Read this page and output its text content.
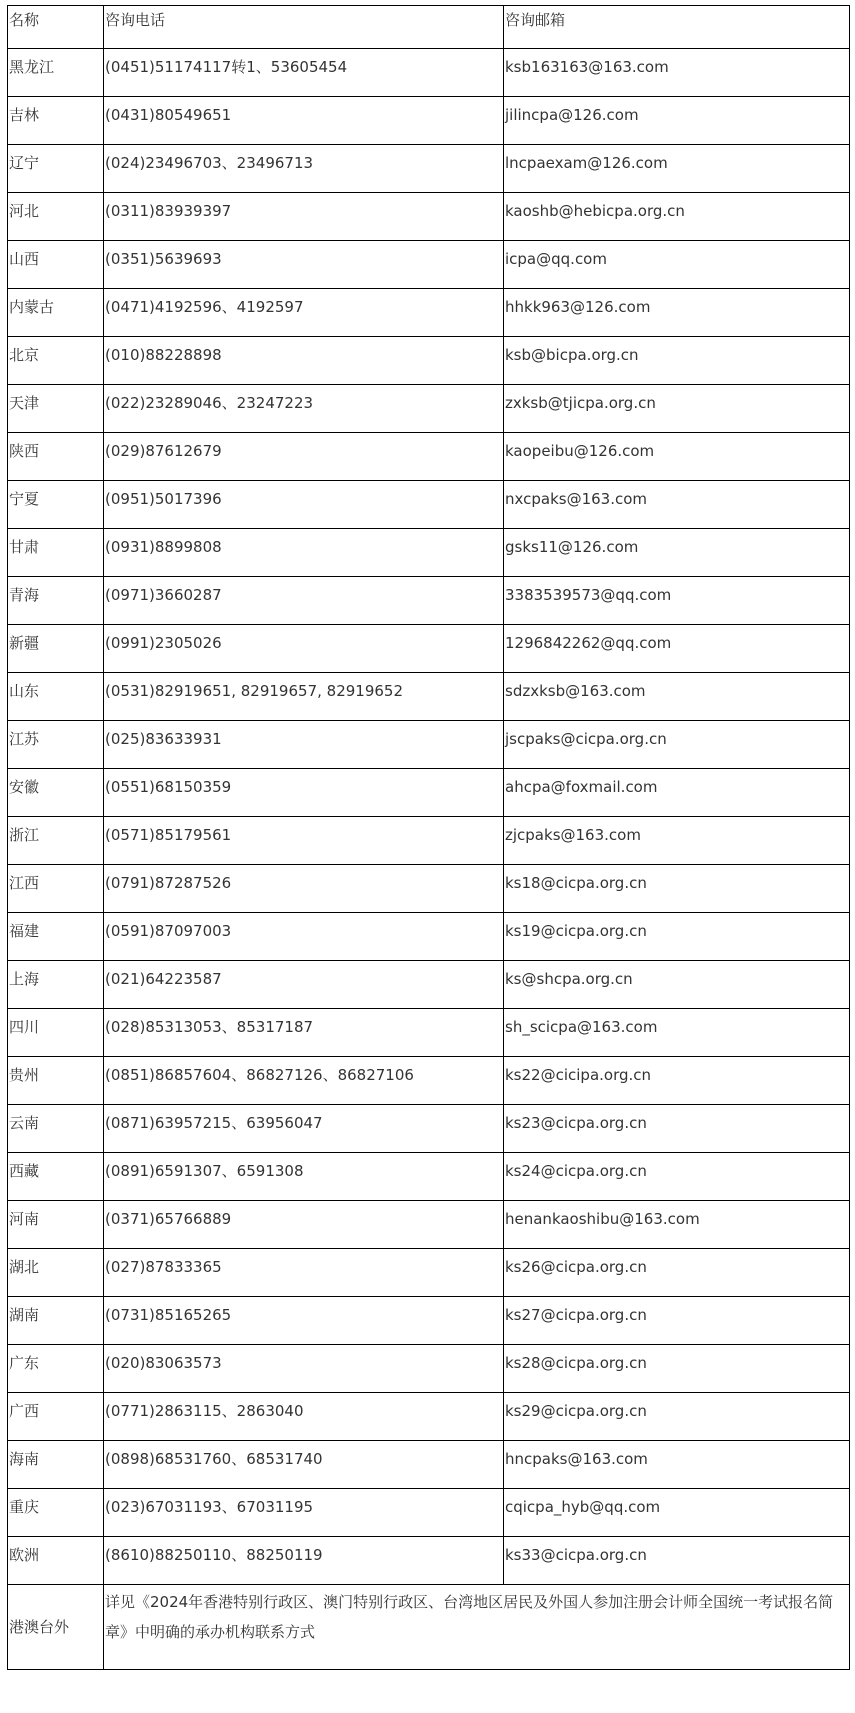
名称	咨询电话	咨询邮箱
黑龙江	(0451)51174117转1、53605454	ksb163163@163.com
吉林	(0431)80549651	jilincpa@126.com
辽宁	(024)23496703、23496713	lncpaexam@126.com
河北	(0311)83939397	kaoshb@hebicpa.org.cn
山西	(0351)5639693	icpa@qq.com
内蒙古	(0471)4192596、4192597	hhkk963@126.com
北京	(010)88228898	ksb@bicpa.org.cn
天津	(022)23289046、23247223	zxksb@tjicpa.org.cn
陕西	(029)87612679	kaopeibu@126.com
宁夏	(0951)5017396	nxcpaks@163.com
甘肃	(0931)8899808	gsks11@126.com
青海	(0971)3660287	3383539573@qq.com
新疆	(0991)2305026	1296842262@qq.com
山东	(0531)82919651, 82919657, 82919652	sdzxksb@163.com
江苏	(025)83633931	jscpaks@cicpa.org.cn
安徽	(0551)68150359	ahcpa@foxmail.com
浙江	(0571)85179561	zjcpaks@163.com
江西	(0791)87287526	ks18@cicpa.org.cn
福建	(0591)87097003	ks19@cicpa.org.cn
上海	(021)64223587	ks@shcpa.org.cn
四川	(028)85313053、85317187	sh_scicpa@163.com
贵州	(0851)86857604、86827126、86827106	ks22@cicipa.org.cn
云南	(0871)63957215、63956047	ks23@cicpa.org.cn
西藏	(0891)6591307、6591308	ks24@cicpa.org.cn
河南	(0371)65766889	henankaoshibu@163.com
湖北	(027)87833365	ks26@cicpa.org.cn
湖南	(0731)85165265	ks27@cicpa.org.cn
广东	(020)83063573	ks28@cicpa.org.cn
广西	(0771)2863115、2863040	ks29@cicpa.org.cn
海南	(0898)68531760、68531740	hncpaks@163.com
重庆	(023)67031193、67031195	cqicpa_hyb@qq.com
欧洲	(8610)88250110、88250119	ks33@cicpa.org.cn
港澳台外	详见《2024年香港特别行政区、澳门特别行政区、台湾地区居民及外国人参加注册会计师全国统一考试报名简章》中明确的承办机构联系方式	
